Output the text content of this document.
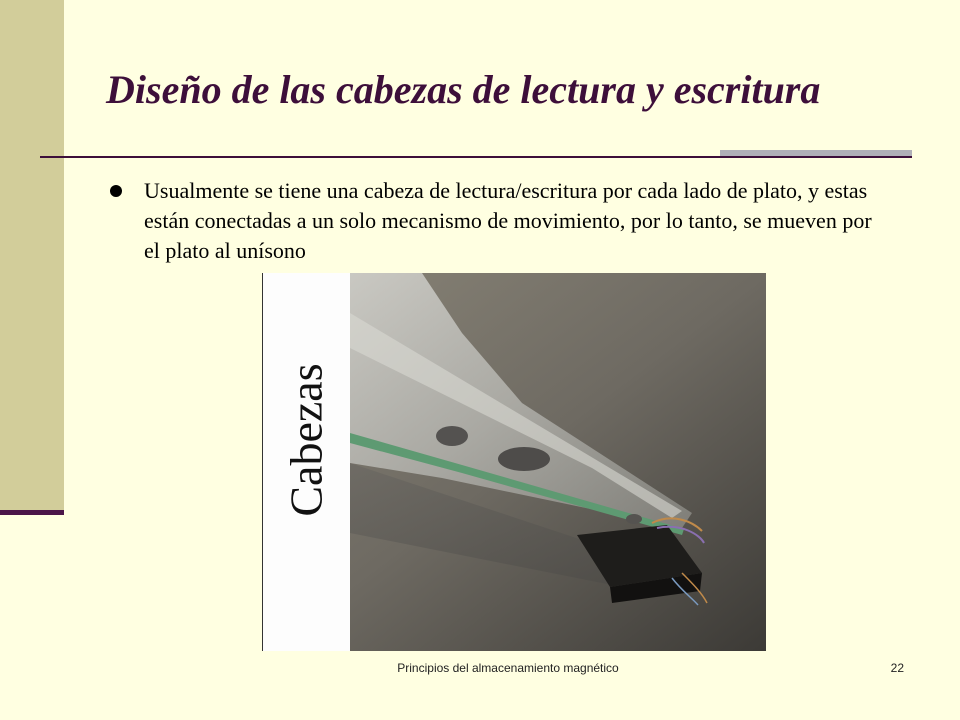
Diseño de las cabezas de lectura y escritura
Usualmente se tiene una cabeza de lectura/escritura por cada lado de plato, y estas están conectadas a un solo mecanismo de movimiento, por lo tanto, se mueven por el plato al unísono
Cabezas
Principios del almacenamiento magnético	22
